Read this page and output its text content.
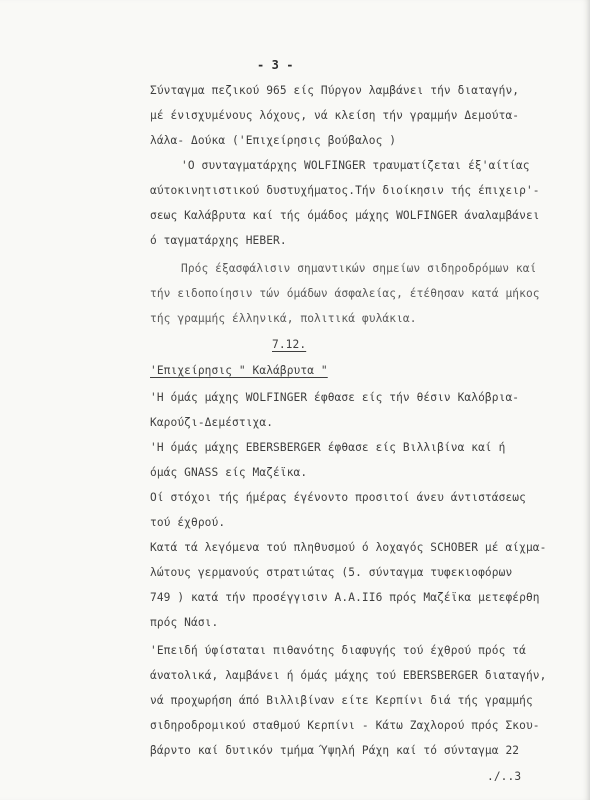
- 3 -
Σύνταγμα πεζικού 965 είς Πύργον λαμβάνει τήν διαταγήν,
μέ ένισχυμένους λόχους, νά κλείση τήν γραμμήν Δεμούτα-
λάλα- Δούκα ('Επιχείρησις βούβαλος )
'Ο συνταγματάρχης WOLFINGER τραυματίζεται έξ'αίτίας
αύτοκινητιστικού δυστυχήματος.Τήν διοίκησιν τής έπιχειρ'-
σεως Καλάβρυτα καί τής όμάδος μάχης WOLFINGER άναλαμβάνει
ό ταγματάρχης HEBER.
Πρός έξασφάλισιν σημαντικών σημείων σιδηροδρόμων καί
τήν ειδοποίησιν τών όμάδων άσφαλείας, έτέθησαν κατά μήκος
τής γραμμής έλληνικά, πολιτικά φυλάκια.
7.12.
'Επιχείρησις " Καλάβρυτα "
'Η όμάς μάχης WOLFINGER έφθασε είς τήν θέσιν Καλόβρια-
Καρούζι-Δεμέστιχα.
'Η όμάς μάχης EBERSBERGER έφθασε είς Βιλλιβίνα καί ή
όμάς GNASS είς Μαζέϊκα.
Οί στόχοι τής ήμέρας έγένοντο προσιτοί άνευ άντιστάσεως
τού έχθρού.
Κατά τά λεγόμενα τού πληθυσμού ό λοχαγός SCHOBER μέ αίχμα-
λώτους γερμανούς στρατιώτας (5. σύνταγμα τυφεκιοφόρων
749 ) κατά τήν προσέγγισιν Α.Α.ΙΙ6 πρός Μαζέϊκα μετεφέρθη
πρός Νάσι.
'Επειδή ύφίσταται πιθανότης διαφυγής τού έχθρού πρός τά
άνατολικά, λαμβάνει ή όμάς μάχης τού EBERSBERGER διαταγήν,
νά προχωρήση άπό Βιλλιβίναν είτε Κερπίνι διά τής γραμμής
σιδηροδρομικού σταθμού Κερπίνι - Κάτω Ζαχλορού πρός Σκου-
βάρντο καί δυτικόν τμήμα Ύψηλή Ράχη καί τό σύνταγμα 22
./..3
